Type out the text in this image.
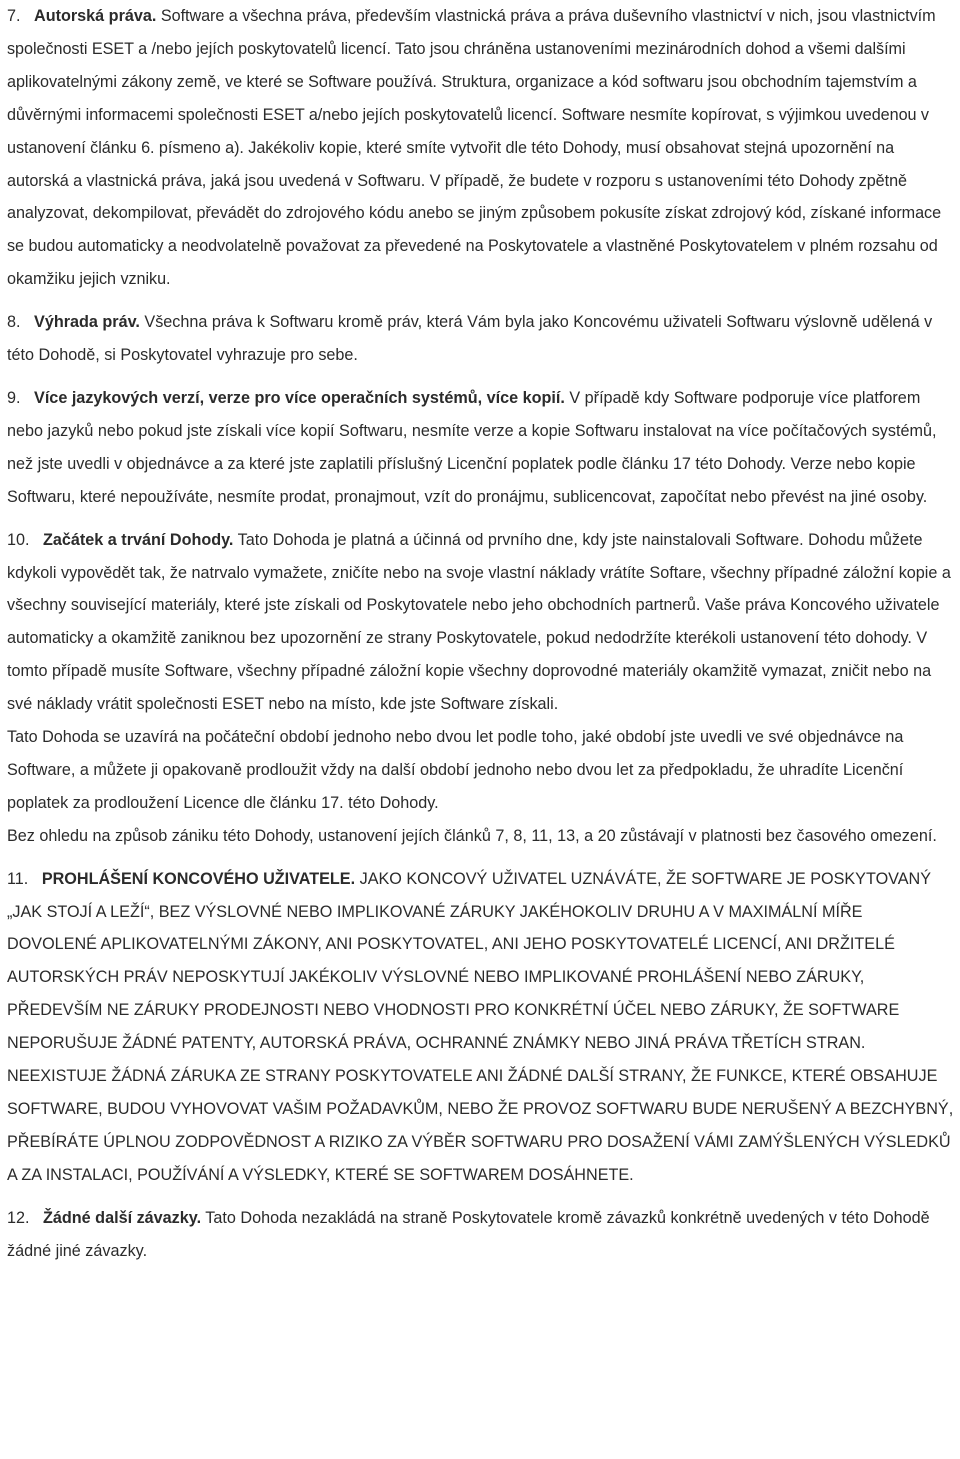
7. Autorská práva. Software a všechna práva, především vlastnická práva a práva duševního vlastnictví v nich, jsou vlastnictvím společnosti ESET a /nebo jejích poskytovatelů licencí. Tato jsou chráněna ustanoveními mezinárodních dohod a všemi dalšími aplikovatelnými zákony země, ve které se Software používá. Struktura, organizace a kód softwaru jsou obchodním tajemstvím a důvěrnými informacemi společnosti ESET a/nebo jejích poskytovatelů licencí. Software nesmíte kopírovat, s výjimkou uvedenou v ustanovení článku 6. písmeno a). Jakékoliv kopie, které smíte vytvořit dle této Dohody, musí obsahovat stejná upozornění na autorská a vlastnická práva, jaká jsou uvedená v Softwaru. V případě, že budete v rozporu s ustanoveními této Dohody zpětně analyzovat, dekompilovat, převádět do zdrojového kódu anebo se jiným způsobem pokusíte získat zdrojový kód, získané informace se budou automaticky a neodvolatelně považovat za převedené na Poskytovatele a vlastněné Poskytovatelem v plném rozsahu od okamžiku jejich vzniku.

8. Výhrada práv. Všechna práva k Softwaru kromě práv, která Vám byla jako Koncovému uživateli Softwaru výslovně udělená v této Dohodě, si Poskytovatel vyhrazuje pro sebe.

9. Více jazykových verzí, verze pro více operačních systémů, více kopií. V případě kdy Software podporuje více platforem nebo jazyků nebo pokud jste získali více kopií Softwaru, nesmíte verze a kopie Softwaru instalovat na více počítačových systémů, než jste uvedli v objednávce a za které jste zaplatili příslušný Licenční poplatek podle článku 17 této Dohody. Verze nebo kopie Softwaru, které nepoužíváte, nesmíte prodat, pronajmout, vzít do pronájmu, sublicencovat, započítat nebo převést na jiné osoby.

10. Začátek a trvání Dohody. Tato Dohoda je platná a účinná od prvního dne, kdy jste nainstalovali Software. Dohodu můžete kdykoli vypovědět tak, že natrvalo vymažete, zničíte nebo na svoje vlastní náklady vrátíte Softare, všechny případné záložní kopie a všechny související materiály, které jste získali od Poskytovatele nebo jeho obchodních partnerů. Vaše práva Koncového uživatele automaticky a okamžitě zaniknou bez upozornění ze strany Poskytovatele, pokud nedodržíte kterékoli ustanovení této dohody. V tomto případě musíte Software, všechny případné záložní kopie všechny doprovodné materiály okamžitě vymazat, zničit nebo na své náklady vrátit společnosti ESET nebo na místo, kde jste Software získali.

Tato Dohoda se uzavírá na počáteční období jednoho nebo dvou let podle toho, jaké období jste uvedli ve své objednávce na Software, a můžete ji opakovaně prodloužit vždy na další období jednoho nebo dvou let za předpokladu, že uhradíte Licenční poplatek za prodloužení Licence dle článku 17. této Dohody.

Bez ohledu na způsob zániku této Dohody, ustanovení jejích článků 7, 8, 11, 13, a 20 zůstávají v platnosti bez časového omezení.

11. PROHLÁŠENÍ KONCOVÉHO UŽIVATELE. JAKO KONCOVÝ UŽIVATEL UZNÁVÁTE, ŽE SOFTWARE JE POSKYTOVANÝ „JAK STOJÍ A LEŽÍ“, BEZ VÝSLOVNÉ NEBO IMPLIKOVANÉ ZÁRUKY JAKÉHOKOLIV DRUHU A V MAXIMÁLNÍ MÍŘE DOVOLENÉ APLIKOVATELNÝMI ZÁKONY, ANI POSKYTOVATEL, ANI JEHO POSKYTOVATELÉ LICENCÍ, ANI DRŽITELÉ AUTORSKÝCH PRÁV NEPOSKYTUJÍ JAKÉKOLIV VÝSLOVNÉ NEBO IMPLIKOVANÉ PROHLÁŠENÍ NEBO ZÁRUKY, PŘEDEVŠÍM NE ZÁRUKY PRODEJNOSTI NEBO VHODNOSTI PRO KONKRÉTNÍ ÚČEL NEBO ZÁRUKY, ŽE SOFTWARE NEPORUŠUJE ŽÁDNÉ PATENTY, AUTORSKÁ PRÁVA, OCHRANNÉ ZNÁMKY NEBO JINÁ PRÁVA TŘETÍCH STRAN. NEEXISTUJE ŽÁDNÁ ZÁRUKA ZE STRANY POSKYTOVATELE ANI ŽÁDNÉ DALŠÍ STRANY, ŽE FUNKCE, KTERÉ OBSAHUJE SOFTWARE, BUDOU VYHOVOVAT VAŠIM POŽADAVKŮM, NEBO ŽE PROVOZ SOFTWARU BUDE NERUŠENÝ A BEZCHYBNÝ, PŘEBÍRÁTE ÚPLNOU ZODPOVĚDNOST A RIZIKO ZA VÝBĚR SOFTWARU PRO DOSAŽENÍ VÁMI ZAMÝŠLENÝCH VÝSLEDKŮ A ZA INSTALACI, POUŽÍVÁNÍ A VÝSLEDKY, KTERÉ SE SOFTWAREM DOSÁHNETE.

12. Žádné další závazky. Tato Dohoda nezakládá na straně Poskytovatele kromě závazků konkrétně uvedených v této Dohodě žádné jiné závazky.
